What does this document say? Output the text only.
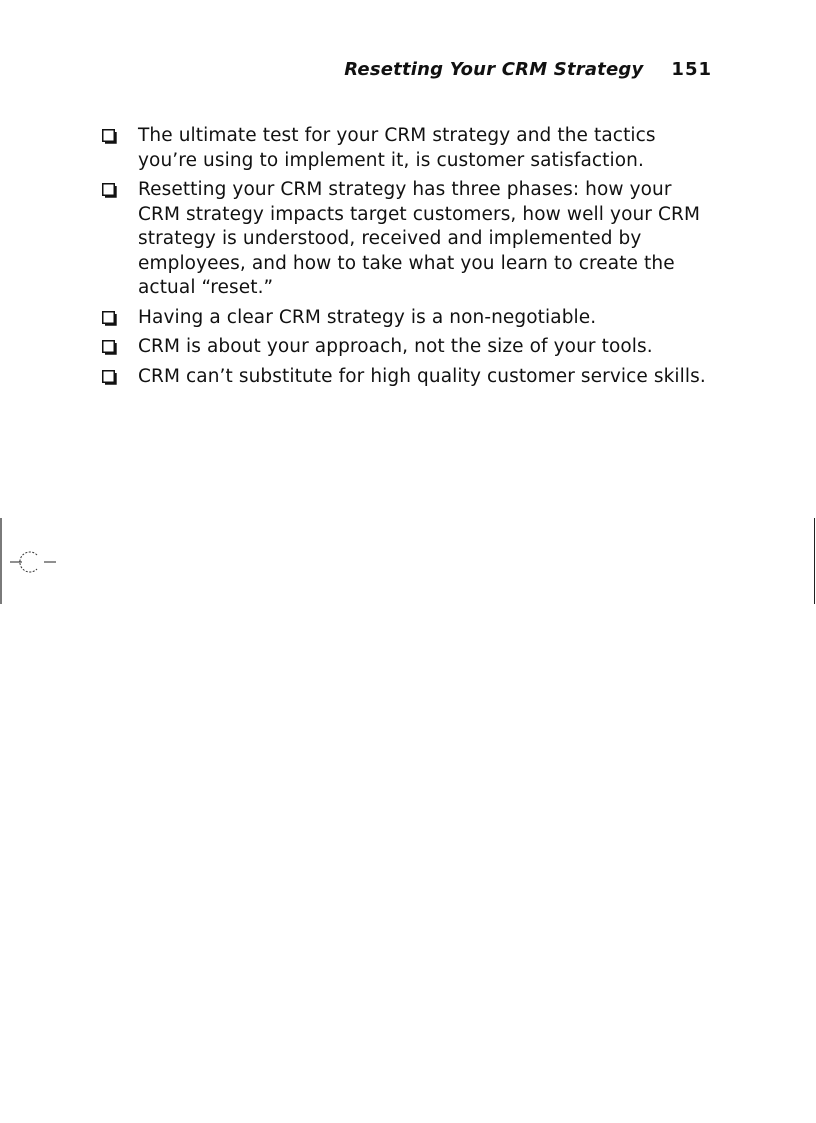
Resetting Your CRM Strategy 151
The ultimate test for your CRM strategy and the tactics you’re using to implement it, is customer satisfaction.
Resetting your CRM strategy has three phases: how your CRM strategy impacts target customers, how well your CRM strategy is understood, received and implemented by employees, and how to take what you learn to create the actual “reset.”
Having a clear CRM strategy is a non-negotiable.
CRM is about your approach, not the size of your tools.
CRM can’t substitute for high quality customer service skills.
